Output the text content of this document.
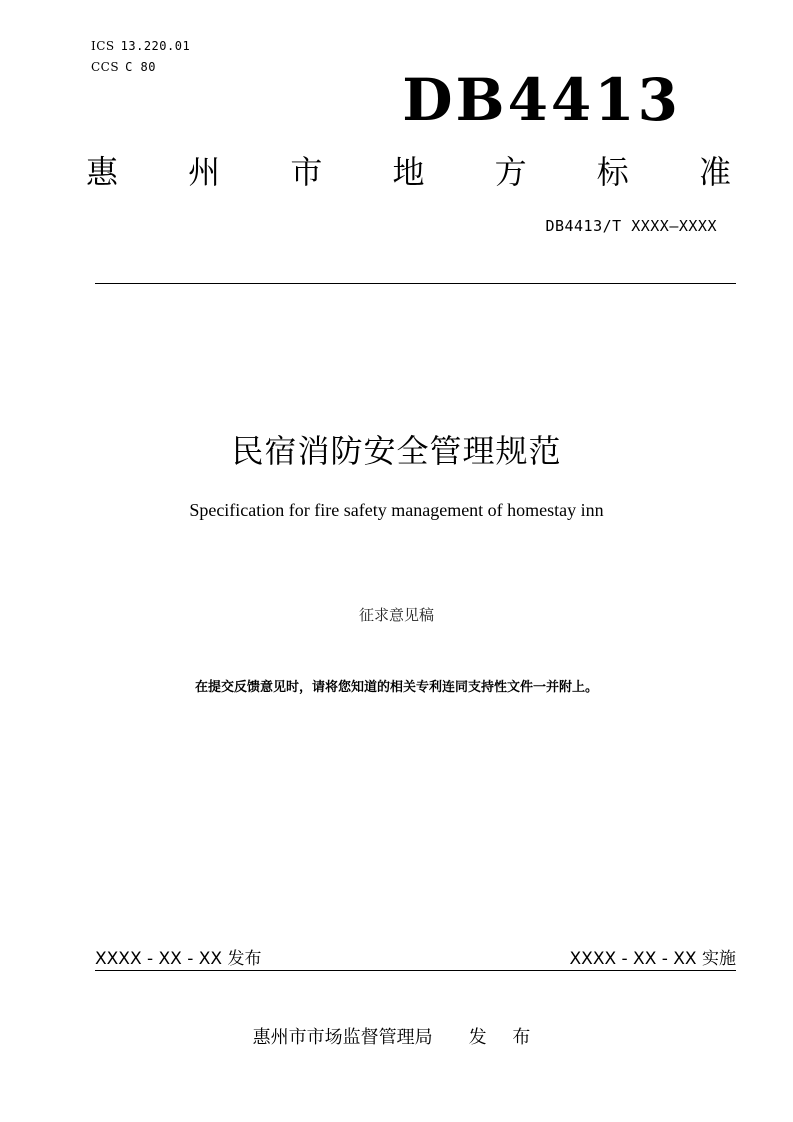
ICS 13.220.01
CCS C 80	DB4413
惠 州 市 地 方 标 准
DB4413/T XXXX—XXXX
民宿消防安全管理规范
Specification for fire safety management of homestay inn
征求意见稿
在提交反馈意见时，请将您知道的相关专利连同支持性文件一并附上。
XXXX - XX - XX 发布	XXXX - XX - XX 实施
惠州市市场监督管理局 发 布
